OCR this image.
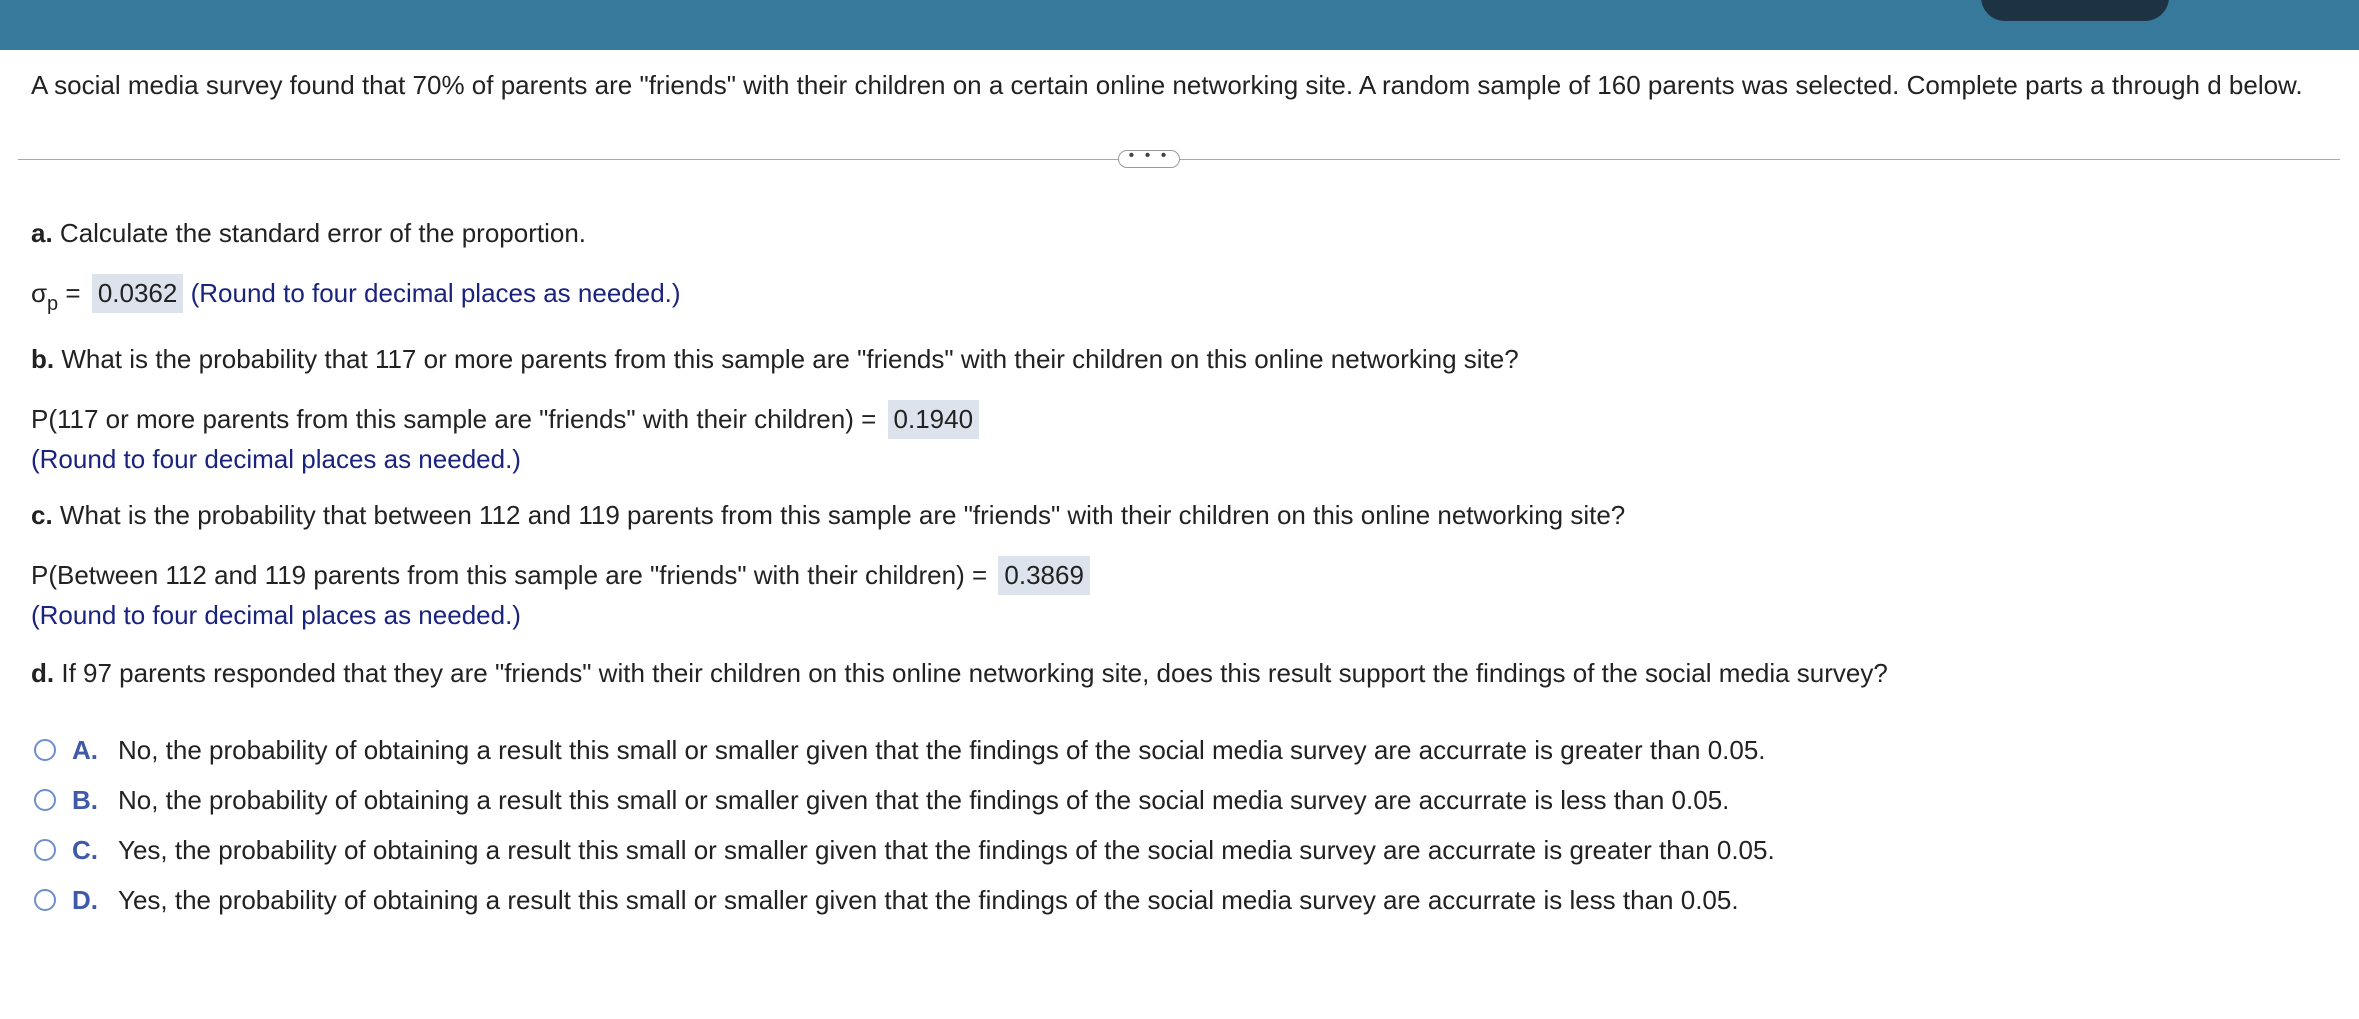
A social media survey found that 70% of parents are "friends" with their children on a certain online networking site. A random sample of 160 parents was selected. Complete parts a through d below.
• • •
a. Calculate the standard error of the proportion.
$\sigma_p = 0.0362$ (Round to four decimal places as needed.)
b. What is the probability that 117 or more parents from this sample are "friends" with their children on this online networking site?
P(117 or more parents from this sample are "friends" with their children) = 0.1940
(Round to four decimal places as needed.)
c. What is the probability that between 112 and 119 parents from this sample are "friends" with their children on this online networking site?
P(Between 112 and 119 parents from this sample are "friends" with their children) = 0.3869
(Round to four decimal places as needed.)
d. If 97 parents responded that they are "friends" with their children on this online networking site, does this result support the findings of the social media survey?
A. No, the probability of obtaining a result this small or smaller given that the findings of the social media survey are accurrate is greater than 0.05.
B. No, the probability of obtaining a result this small or smaller given that the findings of the social media survey are accurrate is less than 0.05.
C. Yes, the probability of obtaining a result this small or smaller given that the findings of the social media survey are accurrate is greater than 0.05.
D. Yes, the probability of obtaining a result this small or smaller given that the findings of the social media survey are accurrate is less than 0.05.
